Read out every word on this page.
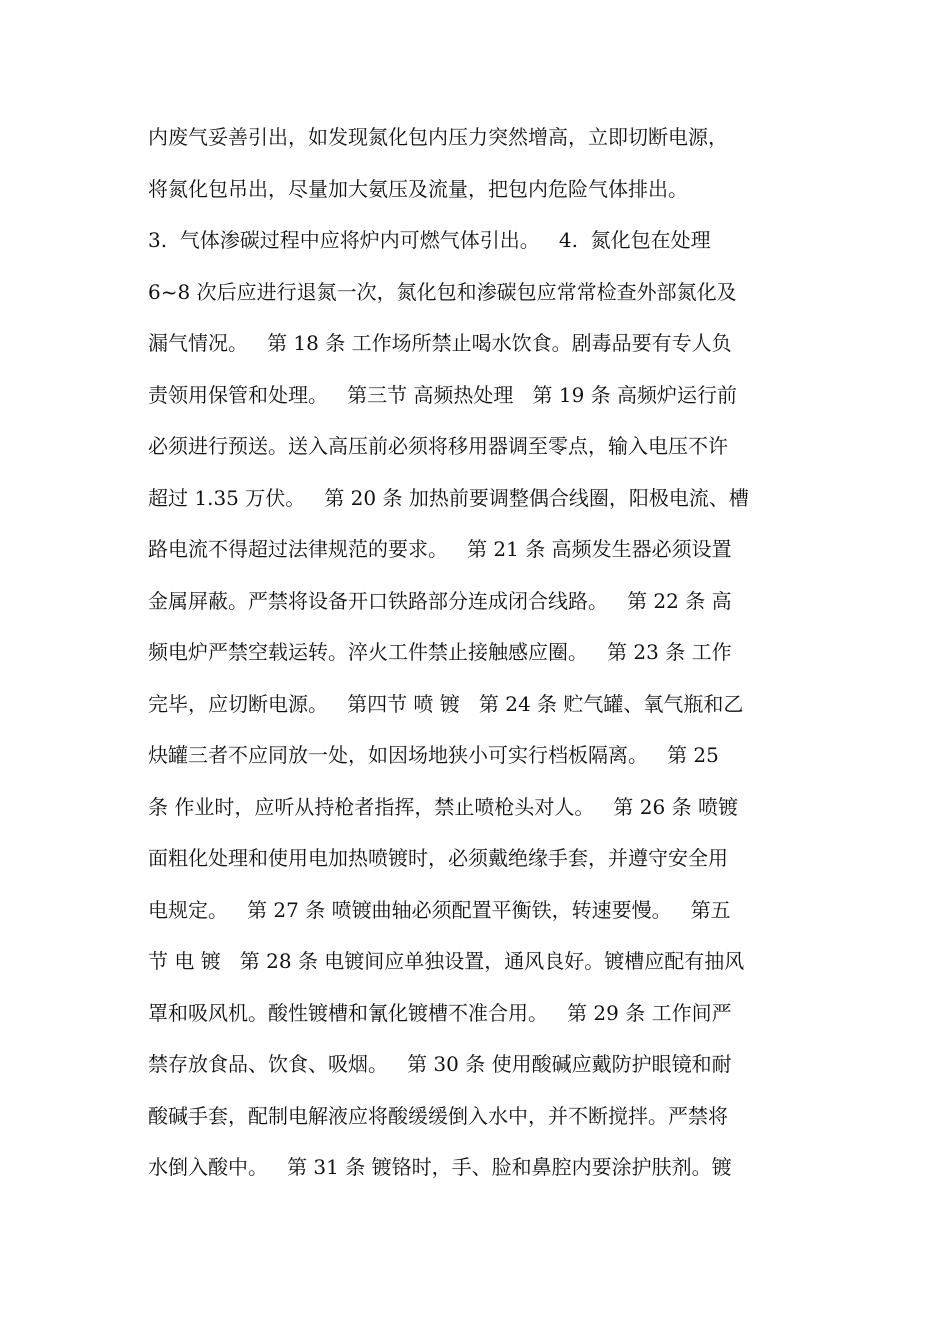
内废气妥善引出，如发现氮化包内压力突然增高，立即切断电源，
将氮化包吊出，尽量加大氨压及流量，把包内危险气体排出。
3.  气体渗碳过程中应将炉内可燃气体引出。   4.  氮化包在处理
6~8 次后应进行退氮一次，氮化包和渗碳包应常常检查外部氮化及
漏气情况。   第 18 条 工作场所禁止喝水饮食。剧毒品要有专人负
责领用保管和处理。   第三节 高频热处理   第 19 条 高频炉运行前
必须进行预送。送入高压前必须将移用器调至零点，输入电压不许
超过 1.35 万伏。   第 20 条 加热前要调整偶合线圈，阳极电流、槽
路电流不得超过法律规范的要求。   第 21 条 高频发生器必须设置
金属屏蔽。严禁将设备开口铁路部分连成闭合线路。   第 22 条 高
频电炉严禁空载运转。淬火工件禁止接触感应圈。   第 23 条 工作
完毕，应切断电源。   第四节 喷 镀   第 24 条 贮气罐、氧气瓶和乙
炔罐三者不应同放一处，如因场地狭小可实行档板隔离。   第 25
条 作业时，应听从持枪者指挥，禁止喷枪头对人。   第 26 条 喷镀
面粗化处理和使用电加热喷镀时，必须戴绝缘手套，并遵守安全用
电规定。   第 27 条 喷镀曲轴必须配置平衡铁，转速要慢。   第五
节 电 镀   第 28 条 电镀间应单独设置，通风良好。镀槽应配有抽风
罩和吸风机。酸性镀槽和氰化镀槽不准合用。   第 29 条 工作间严
禁存放食品、饮食、吸烟。   第 30 条 使用酸碱应戴防护眼镜和耐
酸碱手套，配制电解液应将酸缓缓倒入水中，并不断搅拌。严禁将
水倒入酸中。   第 31 条 镀铬时，手、脸和鼻腔内要涂护肤剂。镀
